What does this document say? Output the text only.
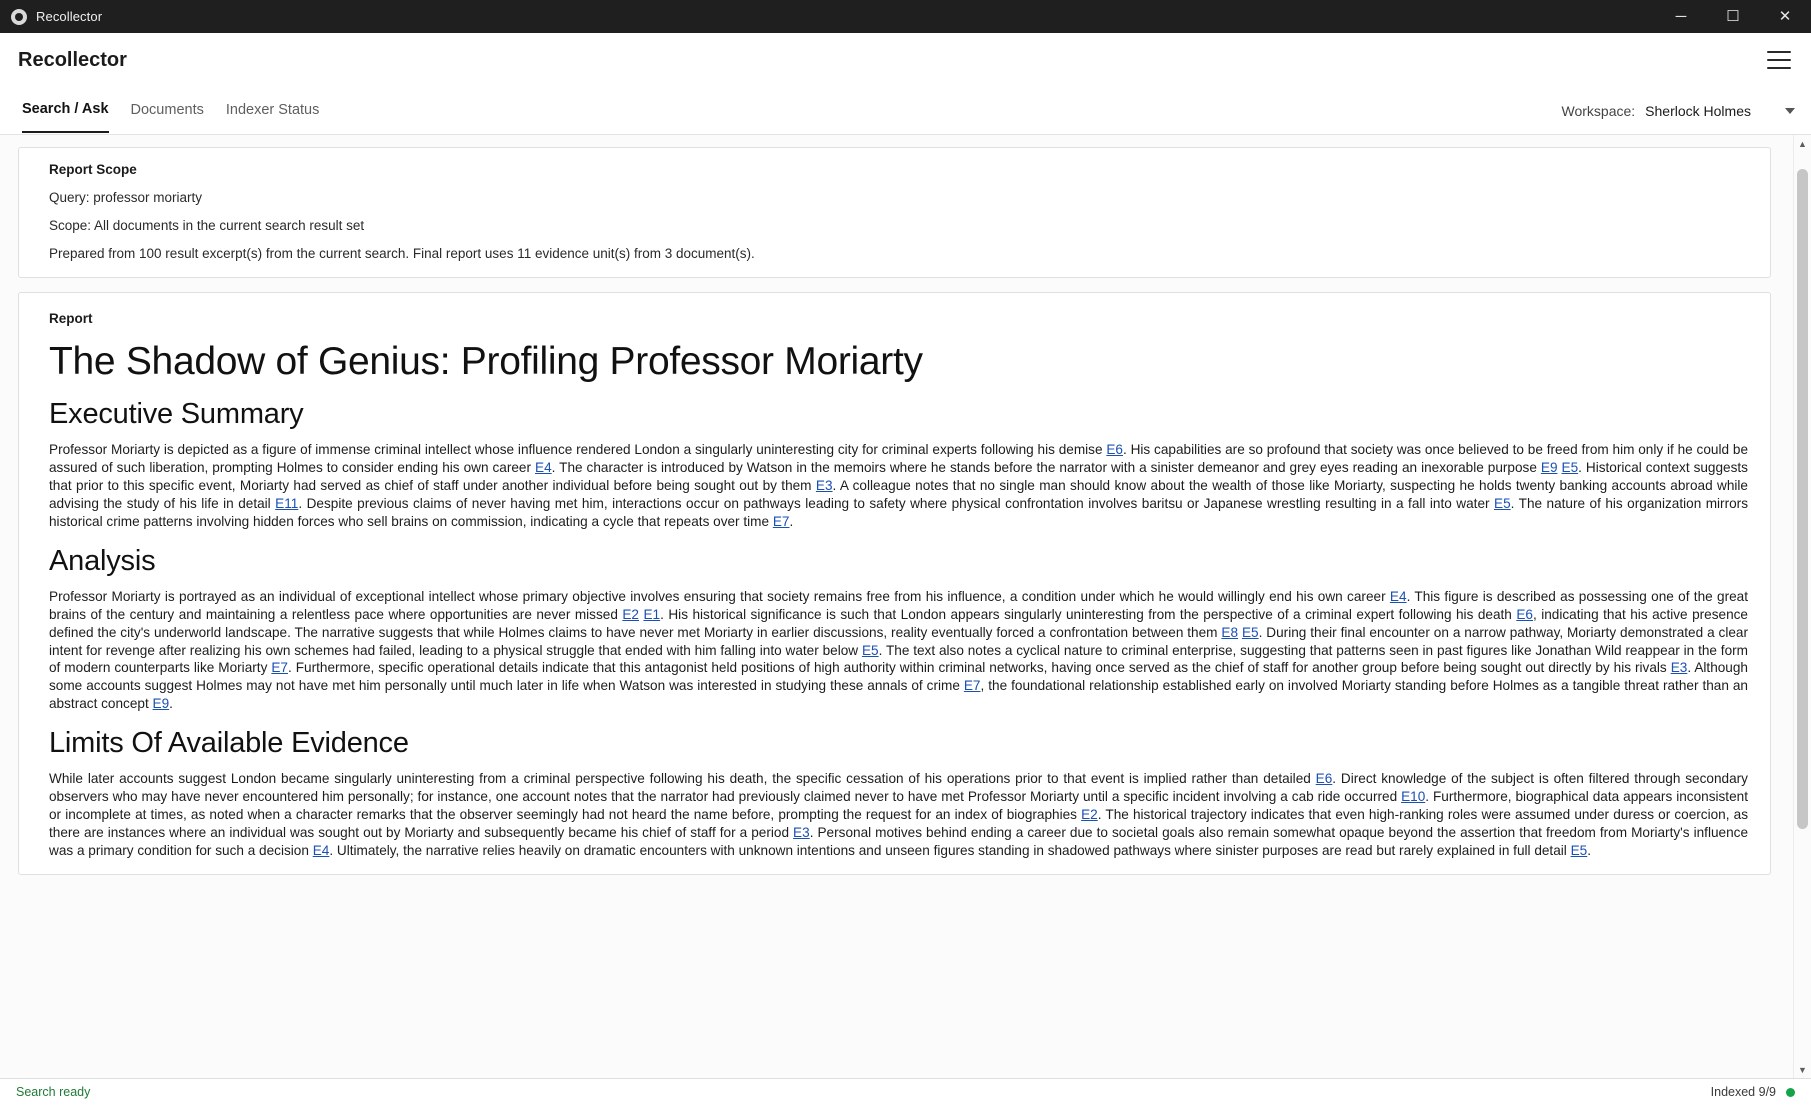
Recollector	─	☐	✕
Recollector
Search / Ask Documents Indexer Status	Workspace: Sherlock Holmes
Report Scope
Query: professor moriarty
Scope: All documents in the current search result set
Prepared from 100 result excerpt(s) from the current search. Final report uses 11 evidence unit(s) from 3 document(s).
Report
The Shadow of Genius: Profiling Professor Moriarty
Executive Summary

Professor Moriarty is depicted as a figure of immense criminal intellect whose influence rendered London a singularly uninteresting city for criminal experts following his demise E6. His capabilities are so profound that society was once believed to be freed from him only if he could be assured of such liberation, prompting Holmes to consider ending his own career E4. The character is introduced by Watson in the memoirs where he stands before the narrator with a sinister demeanor and grey eyes reading an inexorable purpose E9 E5. Historical context suggests that prior to this specific event, Moriarty had served as chief of staff under another individual before being sought out by them E3. A colleague notes that no single man should know about the wealth of those like Moriarty, suspecting he holds twenty banking accounts abroad while advising the study of his life in detail E11. Despite previous claims of never having met him, interactions occur on pathways leading to safety where physical confrontation involves baritsu or Japanese wrestling resulting in a fall into water E5. The nature of his organization mirrors historical crime patterns involving hidden forces who sell brains on commission, indicating a cycle that repeats over time E7.

Analysis

Professor Moriarty is portrayed as an individual of exceptional intellect whose primary objective involves ensuring that society remains free from his influence, a condition under which he would willingly end his own career E4. This figure is described as possessing one of the great brains of the century and maintaining a relentless pace where opportunities are never missed E2 E1. His historical significance is such that London appears singularly uninteresting from the perspective of a criminal expert following his death E6, indicating that his active presence defined the city's underworld landscape. The narrative suggests that while Holmes claims to have never met Moriarty in earlier discussions, reality eventually forced a confrontation between them E8 E5. During their final encounter on a narrow pathway, Moriarty demonstrated a clear intent for revenge after realizing his own schemes had failed, leading to a physical struggle that ended with him falling into water below E5. The text also notes a cyclical nature to criminal enterprise, suggesting that patterns seen in past figures like Jonathan Wild reappear in the form of modern counterparts like Moriarty E7. Furthermore, specific operational details indicate that this antagonist held positions of high authority within criminal networks, having once served as the chief of staff for another group before being sought out directly by his rivals E3. Although some accounts suggest Holmes may not have met him personally until much later in life when Watson was interested in studying these annals of crime E7, the foundational relationship established early on involved Moriarty standing before Holmes as a tangible threat rather than an abstract concept E9.

Limits Of Available Evidence

While later accounts suggest London became singularly uninteresting from a criminal perspective following his death, the specific cessation of his operations prior to that event is implied rather than detailed E6. Direct knowledge of the subject is often filtered through secondary observers who may have never encountered him personally; for instance, one account notes that the narrator had previously claimed never to have met Professor Moriarty until a specific incident involving a cab ride occurred E10. Furthermore, biographical data appears inconsistent or incomplete at times, as noted when a character remarks that the observer seemingly had not heard the name before, prompting the request for an index of biographies E2. The historical trajectory indicates that even high-ranking roles were assumed under duress or coercion, as there are instances where an individual was sought out by Moriarty and subsequently became his chief of staff for a period E3. Personal motives behind ending a career due to societal goals also remain somewhat opaque beyond the assertion that freedom from Moriarty's influence was a primary condition for such a decision E4. Ultimately, the narrative relies heavily on dramatic encounters with unknown intentions and unseen figures standing in shadowed pathways where sinister purposes are read but rarely explained in full detail E5.

▲
▼
Search ready	Indexed 9/9
